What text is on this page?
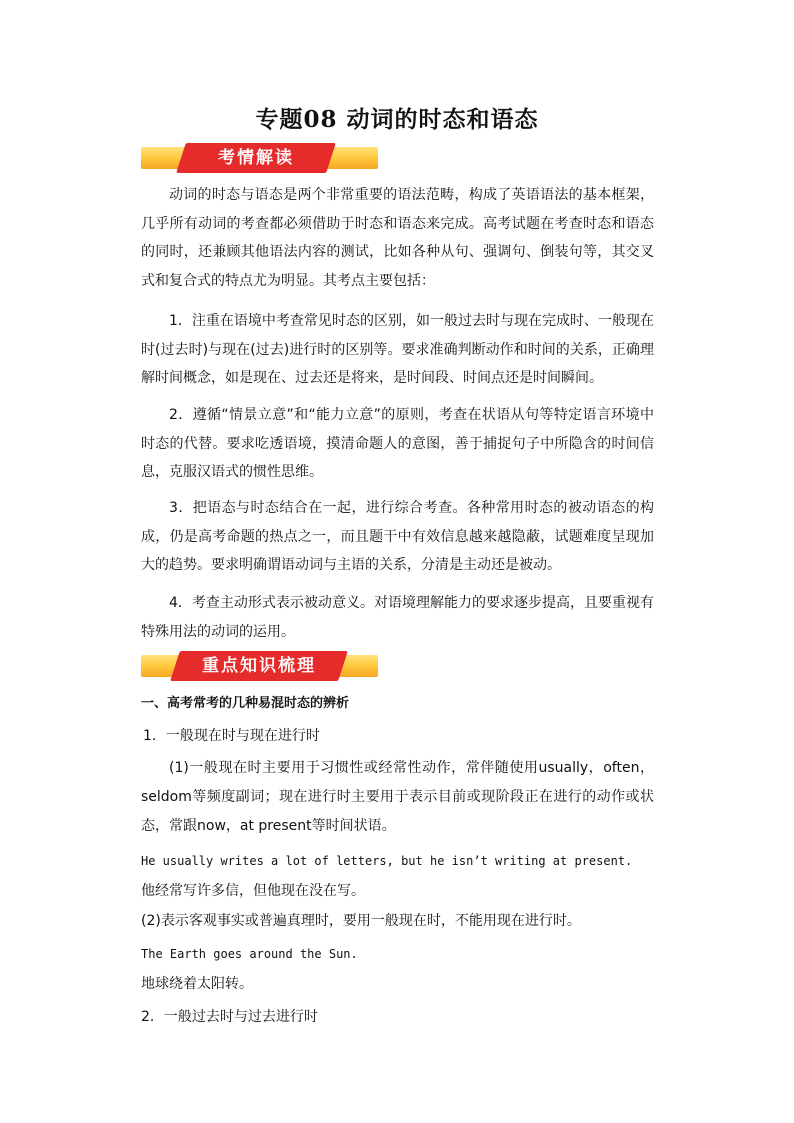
专题08 动词的时态和语态
考情解读
动词的时态与语态是两个非常重要的语法范畴，构成了英语语法的基本框架，几乎所有动词的考查都必须借助于时态和语态来完成。高考试题在考查时态和语态的同时，还兼顾其他语法内容的测试，比如各种从句、强调句、倒装句等，其交叉式和复合式的特点尤为明显。其考点主要包括：
1．注重在语境中考查常见时态的区别，如一般过去时与现在完成时、一般现在时(过去时)与现在(过去)进行时的区别等。要求准确判断动作和时间的关系，正确理解时间概念，如是现在、过去还是将来，是时间段、时间点还是时间瞬间。
2．遵循“情景立意”和“能力立意”的原则，考查在状语从句等特定语言环境中时态的代替。要求吃透语境，摸清命题人的意图，善于捕捉句子中所隐含的时间信息，克服汉语式的惯性思维。
3．把语态与时态结合在一起，进行综合考查。各种常用时态的被动语态的构成，仍是高考命题的热点之一，而且题干中有效信息越来越隐蔽，试题难度呈现加大的趋势。要求明确谓语动词与主语的关系，分清是主动还是被动。
4．考查主动形式表示被动意义。对语境理解能力的要求逐步提高，且要重视有特殊用法的动词的运用。
重点知识梳理
一、高考常考的几种易混时态的辨析
1．一般现在时与现在进行时
(1)一般现在时主要用于习惯性或经常性动作，常伴随使用usually，often，seldom等频度副词；现在进行时主要用于表示目前或现阶段正在进行的动作或状态，常跟now，at present等时间状语。
He usually writes a lot of letters, but he isn’t writing at present.
他经常写许多信，但他现在没在写。
(2)表示客观事实或普遍真理时，要用一般现在时，不能用现在进行时。
The Earth goes around the Sun.
地球绕着太阳转。
2．一般过去时与过去进行时
